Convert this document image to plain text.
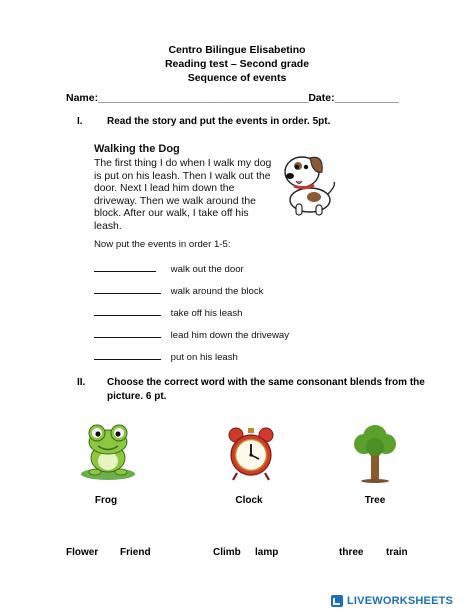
Centro Bilingue Elisabetino
Reading test – Second grade
Sequence of events
Name:____________________________________Date:___________
I. Read the story and put the events in order. 5pt.
Walking the Dog
The first thing I do when I walk my dog is put on his leash. Then I walk out the door. Next I lead him down the driveway. Then we walk around the block. After our walk, I take off his leash.
Now put the events in order 1-5:
walk out the door
walk around the block
take off his leash
lead him down the driveway
put on his leash
II. Choose the correct word with the same consonant blends from the
picture. 6 pt.
Frog	Clock	Tree
Flower Friend	Climb lamp	three train
LIVEWORKSHEETS
